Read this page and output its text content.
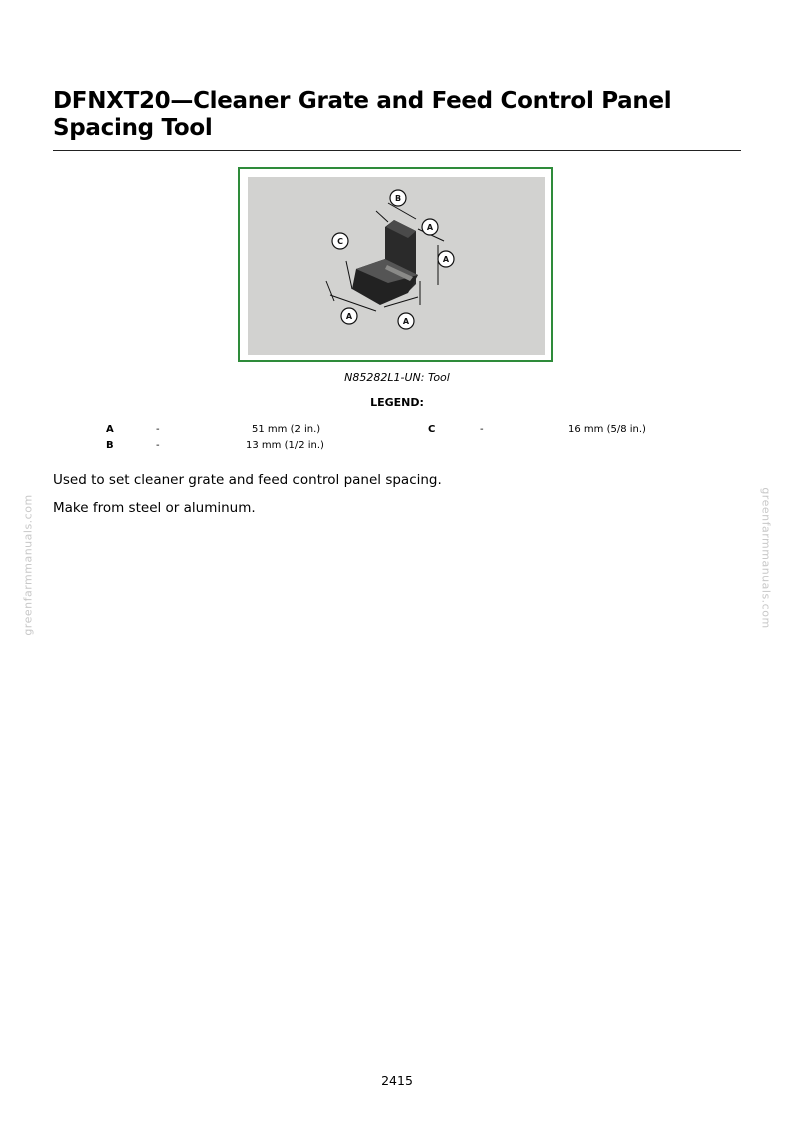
DFNXT20—Cleaner Grate and Feed Control Panel Spacing Tool
B
C
A
A
A
A
N85282L1-UN: Tool
LEGEND:
A	-	51 mm (2 in.)
B	-	13 mm (1/2 in.)
C	-	16 mm (5/8 in.)
Used to set cleaner grate and feed control panel spacing.
Make from steel or aluminum.
greenfarmmanuals.com	greenfarmmanuals.com
2415
